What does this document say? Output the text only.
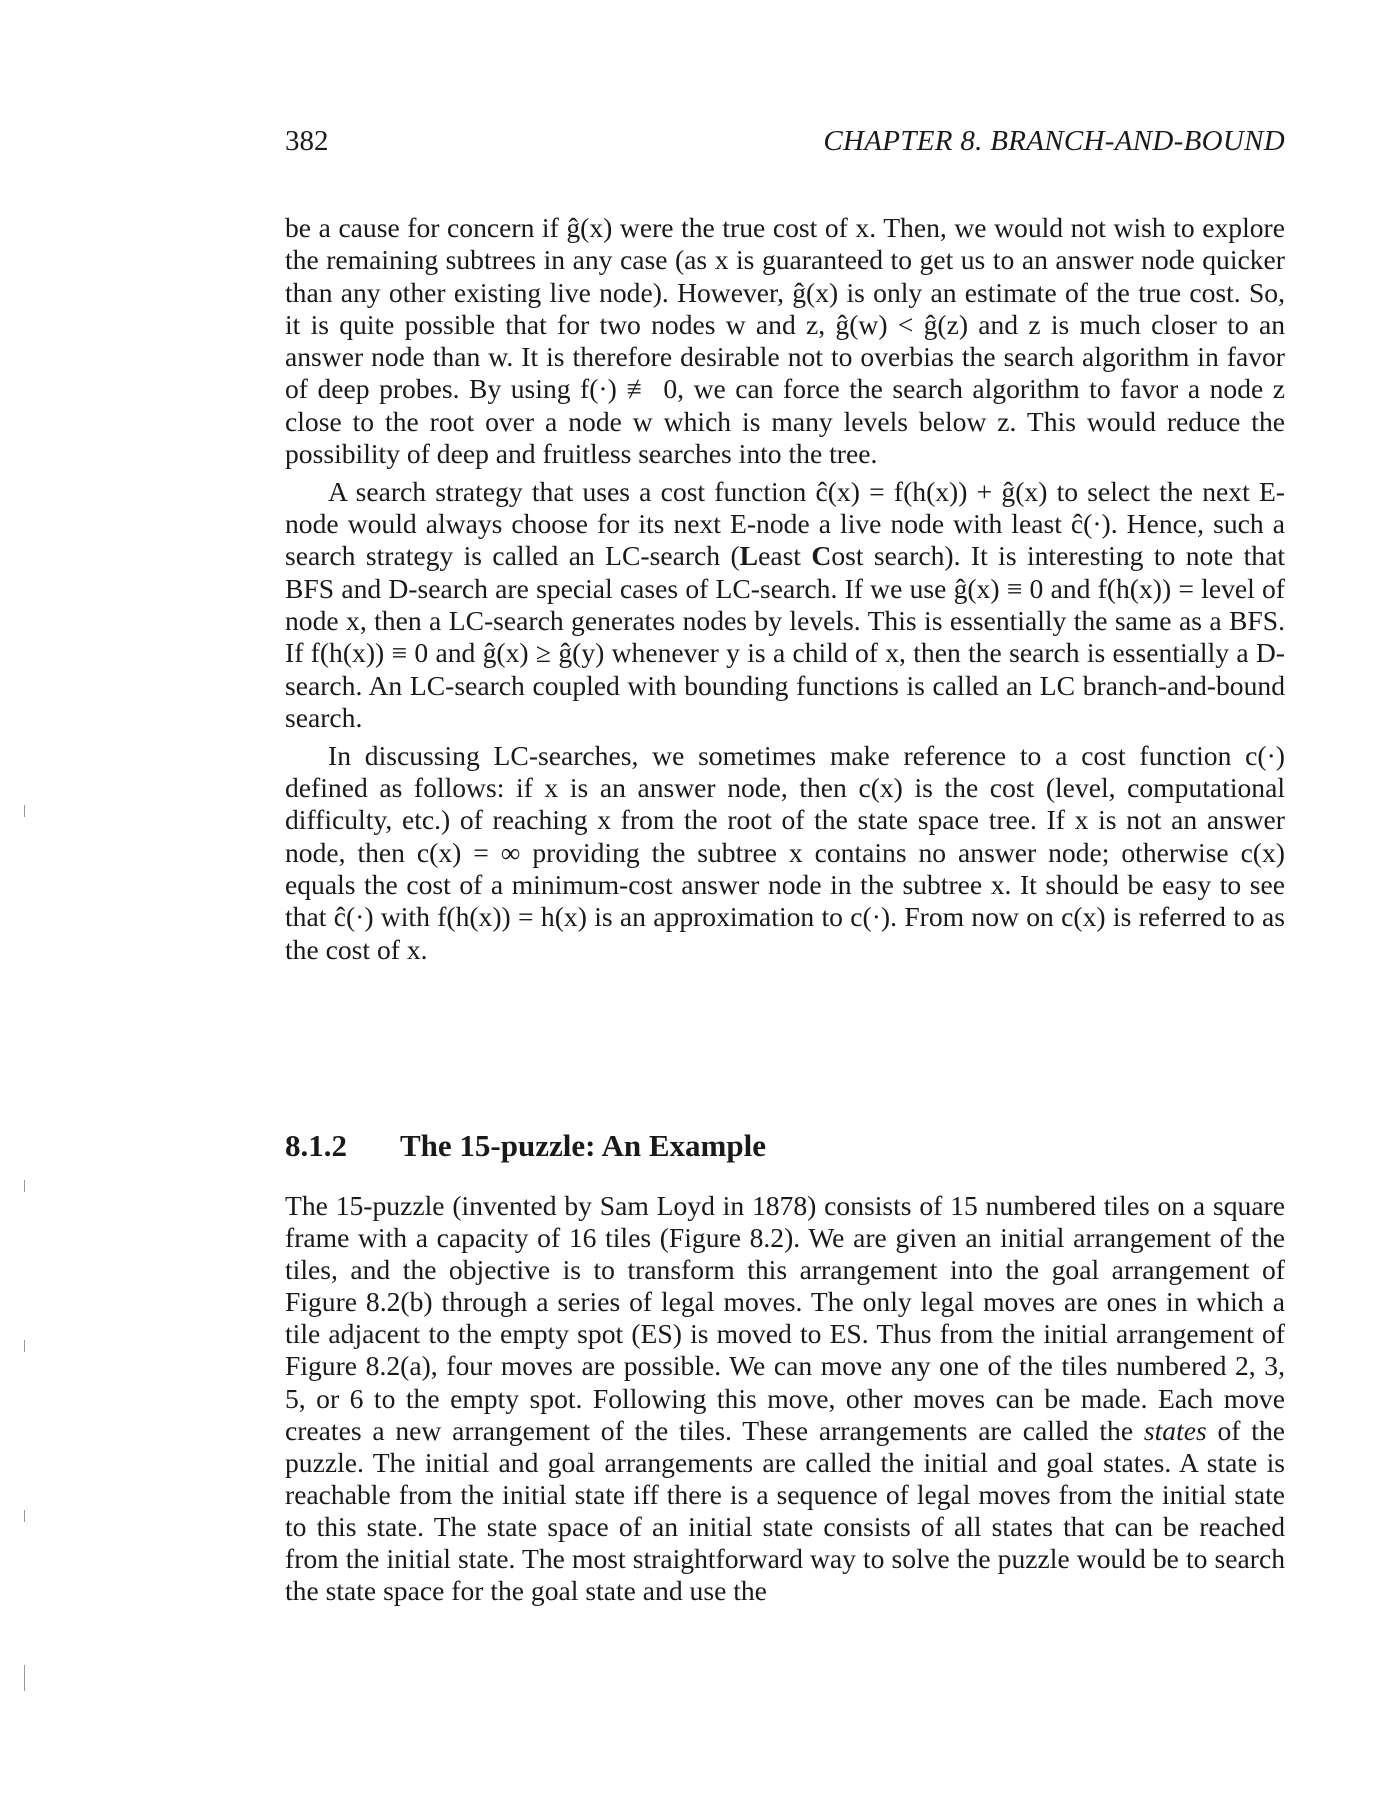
382	CHAPTER 8. BRANCH-AND-BOUND

be a cause for concern if ĝ(x) were the true cost of x. Then, we would not wish to explore the remaining subtrees in any case (as x is guaranteed to get us to an answer node quicker than any other existing live node). However, ĝ(x) is only an estimate of the true cost. So, it is quite possible that for two nodes w and z, ĝ(w) < ĝ(z) and z is much closer to an answer node than w. It is therefore desirable not to overbias the search algorithm in favor of deep probes. By using f(·) ≢ 0, we can force the search algorithm to favor a node z close to the root over a node w which is many levels below z. This would reduce the possibility of deep and fruitless searches into the tree.

A search strategy that uses a cost function ĉ(x) = f(h(x)) + ĝ(x) to select the next E-node would always choose for its next E-node a live node with least ĉ(·). Hence, such a search strategy is called an LC-search (Least Cost search). It is interesting to note that BFS and D-search are special cases of LC-search. If we use ĝ(x) ≡ 0 and f(h(x)) = level of node x, then a LC-search generates nodes by levels. This is essentially the same as a BFS. If f(h(x)) ≡ 0 and ĝ(x) ≥ ĝ(y) whenever y is a child of x, then the search is essentially a D-search. An LC-search coupled with bounding functions is called an LC branch-and-bound search.

In discussing LC-searches, we sometimes make reference to a cost function c(·) defined as follows: if x is an answer node, then c(x) is the cost (level, computational difficulty, etc.) of reaching x from the root of the state space tree. If x is not an answer node, then c(x) = ∞ providing the subtree x contains no answer node; otherwise c(x) equals the cost of a minimum-cost answer node in the subtree x. It should be easy to see that ĉ(·) with f(h(x)) = h(x) is an approximation to c(·). From now on c(x) is referred to as the cost of x.

8.1.2 The 15-puzzle: An Example

The 15-puzzle (invented by Sam Loyd in 1878) consists of 15 numbered tiles on a square frame with a capacity of 16 tiles (Figure 8.2). We are given an initial arrangement of the tiles, and the objective is to transform this arrangement into the goal arrangement of Figure 8.2(b) through a series of legal moves. The only legal moves are ones in which a tile adjacent to the empty spot (ES) is moved to ES. Thus from the initial arrangement of Figure 8.2(a), four moves are possible. We can move any one of the tiles numbered 2, 3, 5, or 6 to the empty spot. Following this move, other moves can be made. Each move creates a new arrangement of the tiles. These arrangements are called the states of the puzzle. The initial and goal arrangements are called the initial and goal states. A state is reachable from the initial state iff there is a sequence of legal moves from the initial state to this state. The state space of an initial state consists of all states that can be reached from the initial state. The most straightforward way to solve the puzzle would be to search the state space for the goal state and use the
